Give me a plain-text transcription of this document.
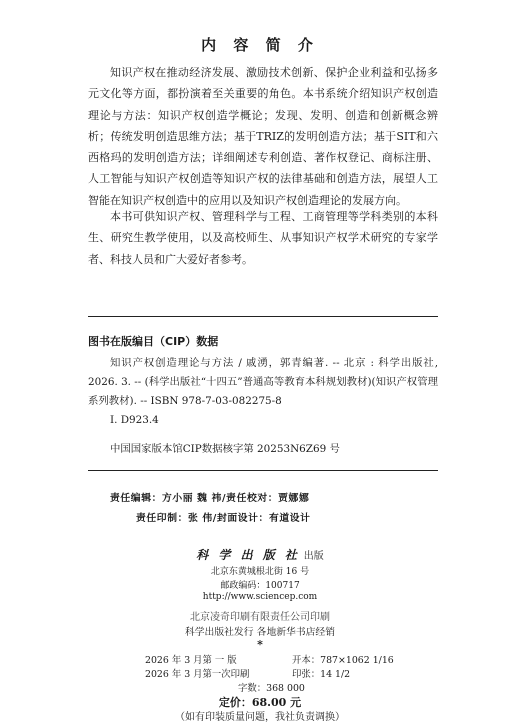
内 容 简 介

知识产权在推动经济发展、激励技术创新、保护企业利益和弘扬多元文化等方面，都扮演着至关重要的角色。本书系统介绍知识产权创造理论与方法：知识产权创造学概论；发现、发明、创造和创新概念辨析；传统发明创造思维方法；基于TRIZ的发明创造方法；基于SIT和六西格玛的发明创造方法；详细阐述专利创造、著作权登记、商标注册、人工智能与知识产权创造等知识产权的法律基础和创造方法，展望人工智能在知识产权创造中的应用以及知识产权创造理论的发展方向。

本书可供知识产权、管理科学与工程、工商管理等学科类别的本科生、研究生教学使用，以及高校师生、从事知识产权学术研究的专家学者、科技人员和广大爱好者参考。

图书在版编目（CIP）数据

知识产权创造理论与方法 / 戚湧，郭青编著. -- 北京 : 科学出版社, 2026. 3. -- (科学出版社“十四五”普通高等教育本科规划教材)(知识产权管理系列教材). -- ISBN 978-7-03-082275-8

Ⅰ. D923.4
中国国家版本馆CIP数据核字第 20253N6Z69 号
责任编辑：方小丽 魏 祎/责任校对：贾娜娜
责任印制：张 伟/封面设计：有道设计
科 学 出 版 社 出版
北京东黄城根北街 16 号
邮政编码：100717
http://www.sciencep.com
北京凌奇印刷有限责任公司印刷
科学出版社发行 各地新华书店经销
*
2026 年 3 月第 一 版	开本：787×1062 1/16
2026 年 3 月第一次印刷	印张：14 1/2
字数：368 000
定价：68.00 元
（如有印装质量问题，我社负责调换）
